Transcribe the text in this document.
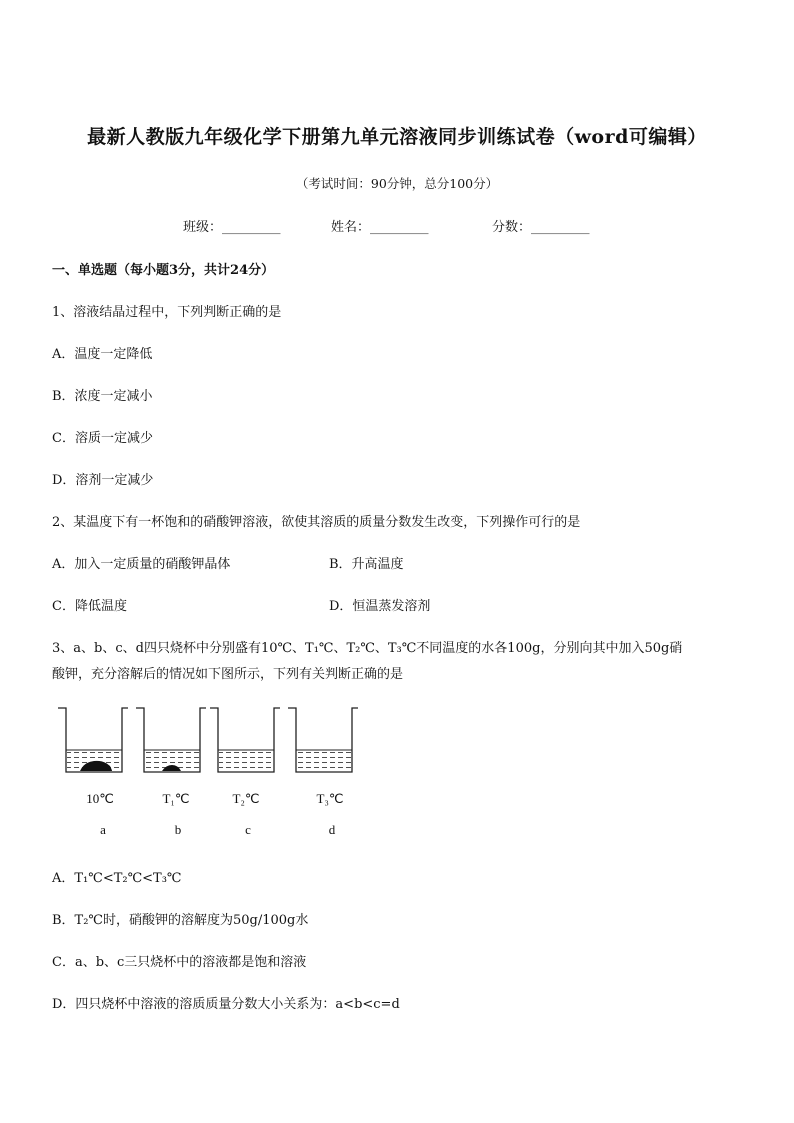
最新人教版九年级化学下册第九单元溶液同步训练试卷（word可编辑）
（考试时间：90分钟，总分100分）
班级：_________	姓名：_________	分数：_________
一、单选题（每小题3分，共计24分）
1、溶液结晶过程中，下列判断正确的是
A．温度一定降低
B．浓度一定减小
C．溶质一定减少
D．溶剂一定减少
2、某温度下有一杯饱和的硝酸钾溶液，欲使其溶质的质量分数发生改变，下列操作可行的是
A．加入一定质量的硝酸钾晶体	B．升高温度
C．降低温度	D．恒温蒸发溶剂
3、a、b、c、d四只烧杯中分别盛有10℃、T₁℃、T₂℃、T₃℃不同温度的水各100g，分别向其中加入50g硝
酸钾，充分溶解后的情况如下图所示，下列有关判断正确的是
10℃	T₁℃	T₂℃	T₃℃
a	b	c	d
A．T₁℃<T₂℃<T₃℃
B．T₂℃时，硝酸钾的溶解度为50g/100g水
C．a、b、c三只烧杯中的溶液都是饱和溶液
D．四只烧杯中溶液的溶质质量分数大小关系为：a<b<c=d
